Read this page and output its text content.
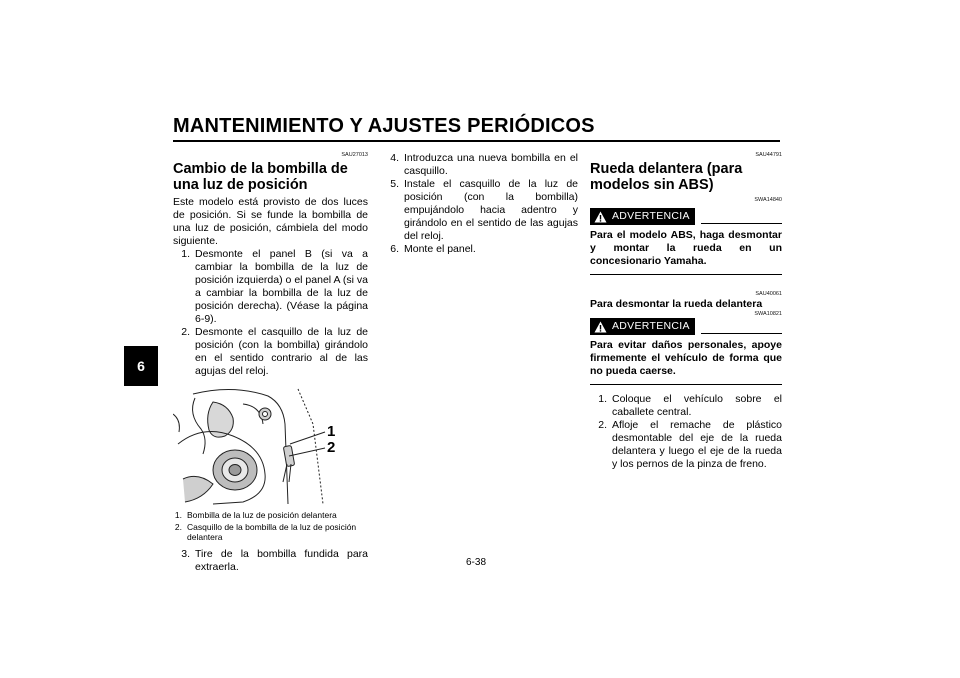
MANTENIMIENTO Y AJUSTES PERIÓDICOS
6
SAU27013
Cambio de la bombilla de una luz de posición

Este modelo está provisto de dos luces de posición. Si se funde la bombilla de una luz de posición, cámbiela del modo siguiente.

1. Desmonte el panel B (si va a cambiar la bombilla de la luz de posición izquierda) o el panel A (si va a cambiar la bombilla de la luz de posición derecha). (Véase la página 6-9).
2. Desmonte el casquillo de la luz de posición (con la bombilla) girándolo en el sentido contrario al de las agujas del reloj.
1
2
1. Bombilla de la luz de posición delantera
2. Casquillo de la bombilla de la luz de posición delantera
3. Tire de la bombilla fundida para extraerla.
4. Introduzca una nueva bombilla en el casquillo.
5. Instale el casquillo de la luz de posición (con la bombilla) empujándolo hacia adentro y girándolo en el sentido de las agujas del reloj.
6. Monte el panel.
SAU44791
Rueda delantera (para modelos sin ABS)
SWA14840
ADVERTENCIA
Para el modelo ABS, haga desmontar y montar la rueda en un concesionario Yamaha.
SAU40061
Para desmontar la rueda delantera
SWA10821
ADVERTENCIA
Para evitar daños personales, apoye firmemente el vehículo de forma que no pueda caerse.
1. Coloque el vehículo sobre el caballete central.
2. Afloje el remache de plástico desmontable del eje de la rueda delantera y luego el eje de la rueda y los pernos de la pinza de freno.
6-38
